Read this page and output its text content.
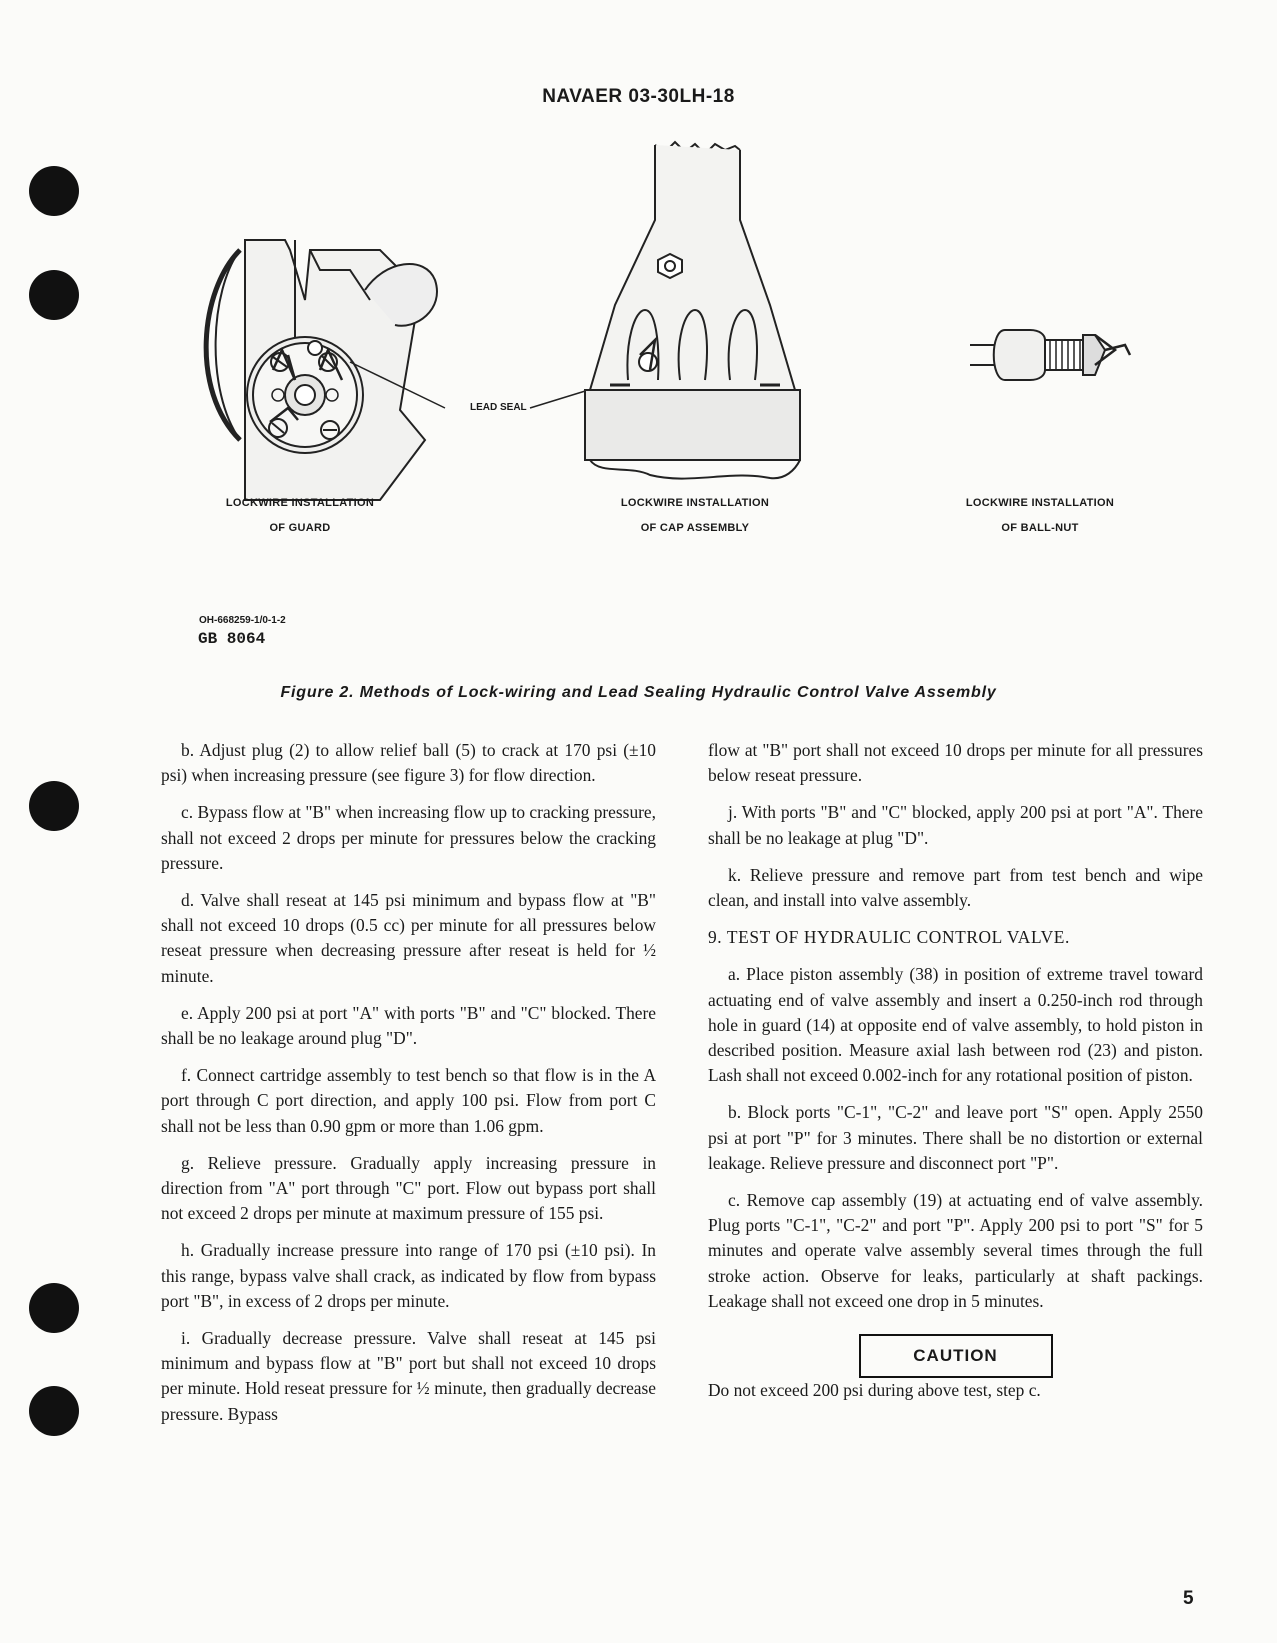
NAVAER 03-30LH-18
LEAD SEAL
LOCKWIRE INSTALLATION
OF GUARD
LOCKWIRE INSTALLATION
OF CAP ASSEMBLY
LOCKWIRE INSTALLATION
OF BALL-NUT
OH-668259-1/0-1-2
GB 8064
Figure 2. Methods of Lock-wiring and Lead Sealing Hydraulic Control Valve Assembly

b. Adjust plug (2) to allow relief ball (5) to crack at 170 psi (±10 psi) when increasing pressure (see figure 3) for flow direction.

c. Bypass flow at "B" when increasing flow up to cracking pressure, shall not exceed 2 drops per minute for pressures below the cracking pressure.

d. Valve shall reseat at 145 psi minimum and bypass flow at "B" shall not exceed 10 drops (0.5 cc) per minute for all pressures below reseat pressure when decreasing pressure after reseat is held for ½ minute.

e. Apply 200 psi at port "A" with ports "B" and "C" blocked. There shall be no leakage around plug "D".

f. Connect cartridge assembly to test bench so that flow is in the A port through C port direction, and apply 100 psi. Flow from port C shall not be less than 0.90 gpm or more than 1.06 gpm.

g. Relieve pressure. Gradually apply increasing pressure in direction from "A" port through "C" port. Flow out bypass port shall not exceed 2 drops per minute at maximum pressure of 155 psi.

h. Gradually increase pressure into range of 170 psi (±10 psi). In this range, bypass valve shall crack, as indicated by flow from bypass port "B", in excess of 2 drops per minute.

i. Gradually decrease pressure. Valve shall reseat at 145 psi minimum and bypass flow at "B" port but shall not exceed 10 drops per minute. Hold reseat pressure for ½ minute, then gradually decrease pressure. Bypass

flow at "B" port shall not exceed 10 drops per minute for all pressures below reseat pressure.

j. With ports "B" and "C" blocked, apply 200 psi at port "A". There shall be no leakage at plug "D".

k. Relieve pressure and remove part from test bench and wipe clean, and install into valve assembly.

9. TEST OF HYDRAULIC CONTROL VALVE.

a. Place piston assembly (38) in position of extreme travel toward actuating end of valve assembly and insert a 0.250-inch rod through hole in guard (14) at opposite end of valve assembly, to hold piston in described position. Measure axial lash between rod (23) and piston. Lash shall not exceed 0.002-inch for any rotational position of piston.

b. Block ports "C-1", "C-2" and leave port "S" open. Apply 2550 psi at port "P" for 3 minutes. There shall be no distortion or external leakage. Relieve pressure and disconnect port "P".

c. Remove cap assembly (19) at actuating end of valve assembly. Plug ports "C-1", "C-2" and port "P". Apply 200 psi to port "S" for 5 minutes and operate valve assembly several times through the full stroke action. Observe for leaks, particularly at shaft packings. Leakage shall not exceed one drop in 5 minutes.

CAUTION

Do not exceed 200 psi during above test, step c.

5
